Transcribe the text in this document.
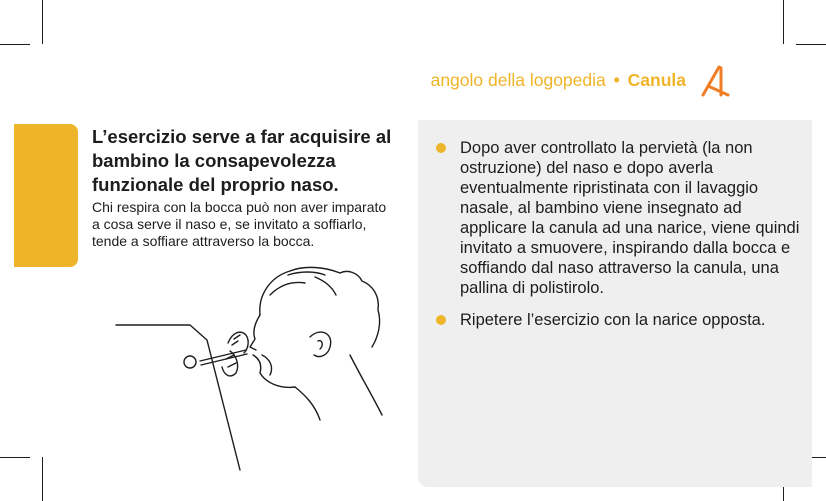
angolo della logopedia • Canula
L’esercizio serve a far acquisire al bambino la consapevolezza funzionale del proprio naso.

Chi respira con la bocca può non aver imparato a cosa serve il naso e, se invitato a soffiarlo, tende a soffiare attraverso la bocca.

Dopo aver controllato la pervietà (la non ostruzione) del naso e dopo averla eventualmente ripristinata con il lavaggio nasale, al bambino viene insegnato ad applicare la canula ad una narice, viene quindi invitato a smuovere, inspirando dalla bocca e soffiando dal naso attraverso la canula, una pallina di polistirolo.
Ripetere l’esercizio con la narice opposta.
